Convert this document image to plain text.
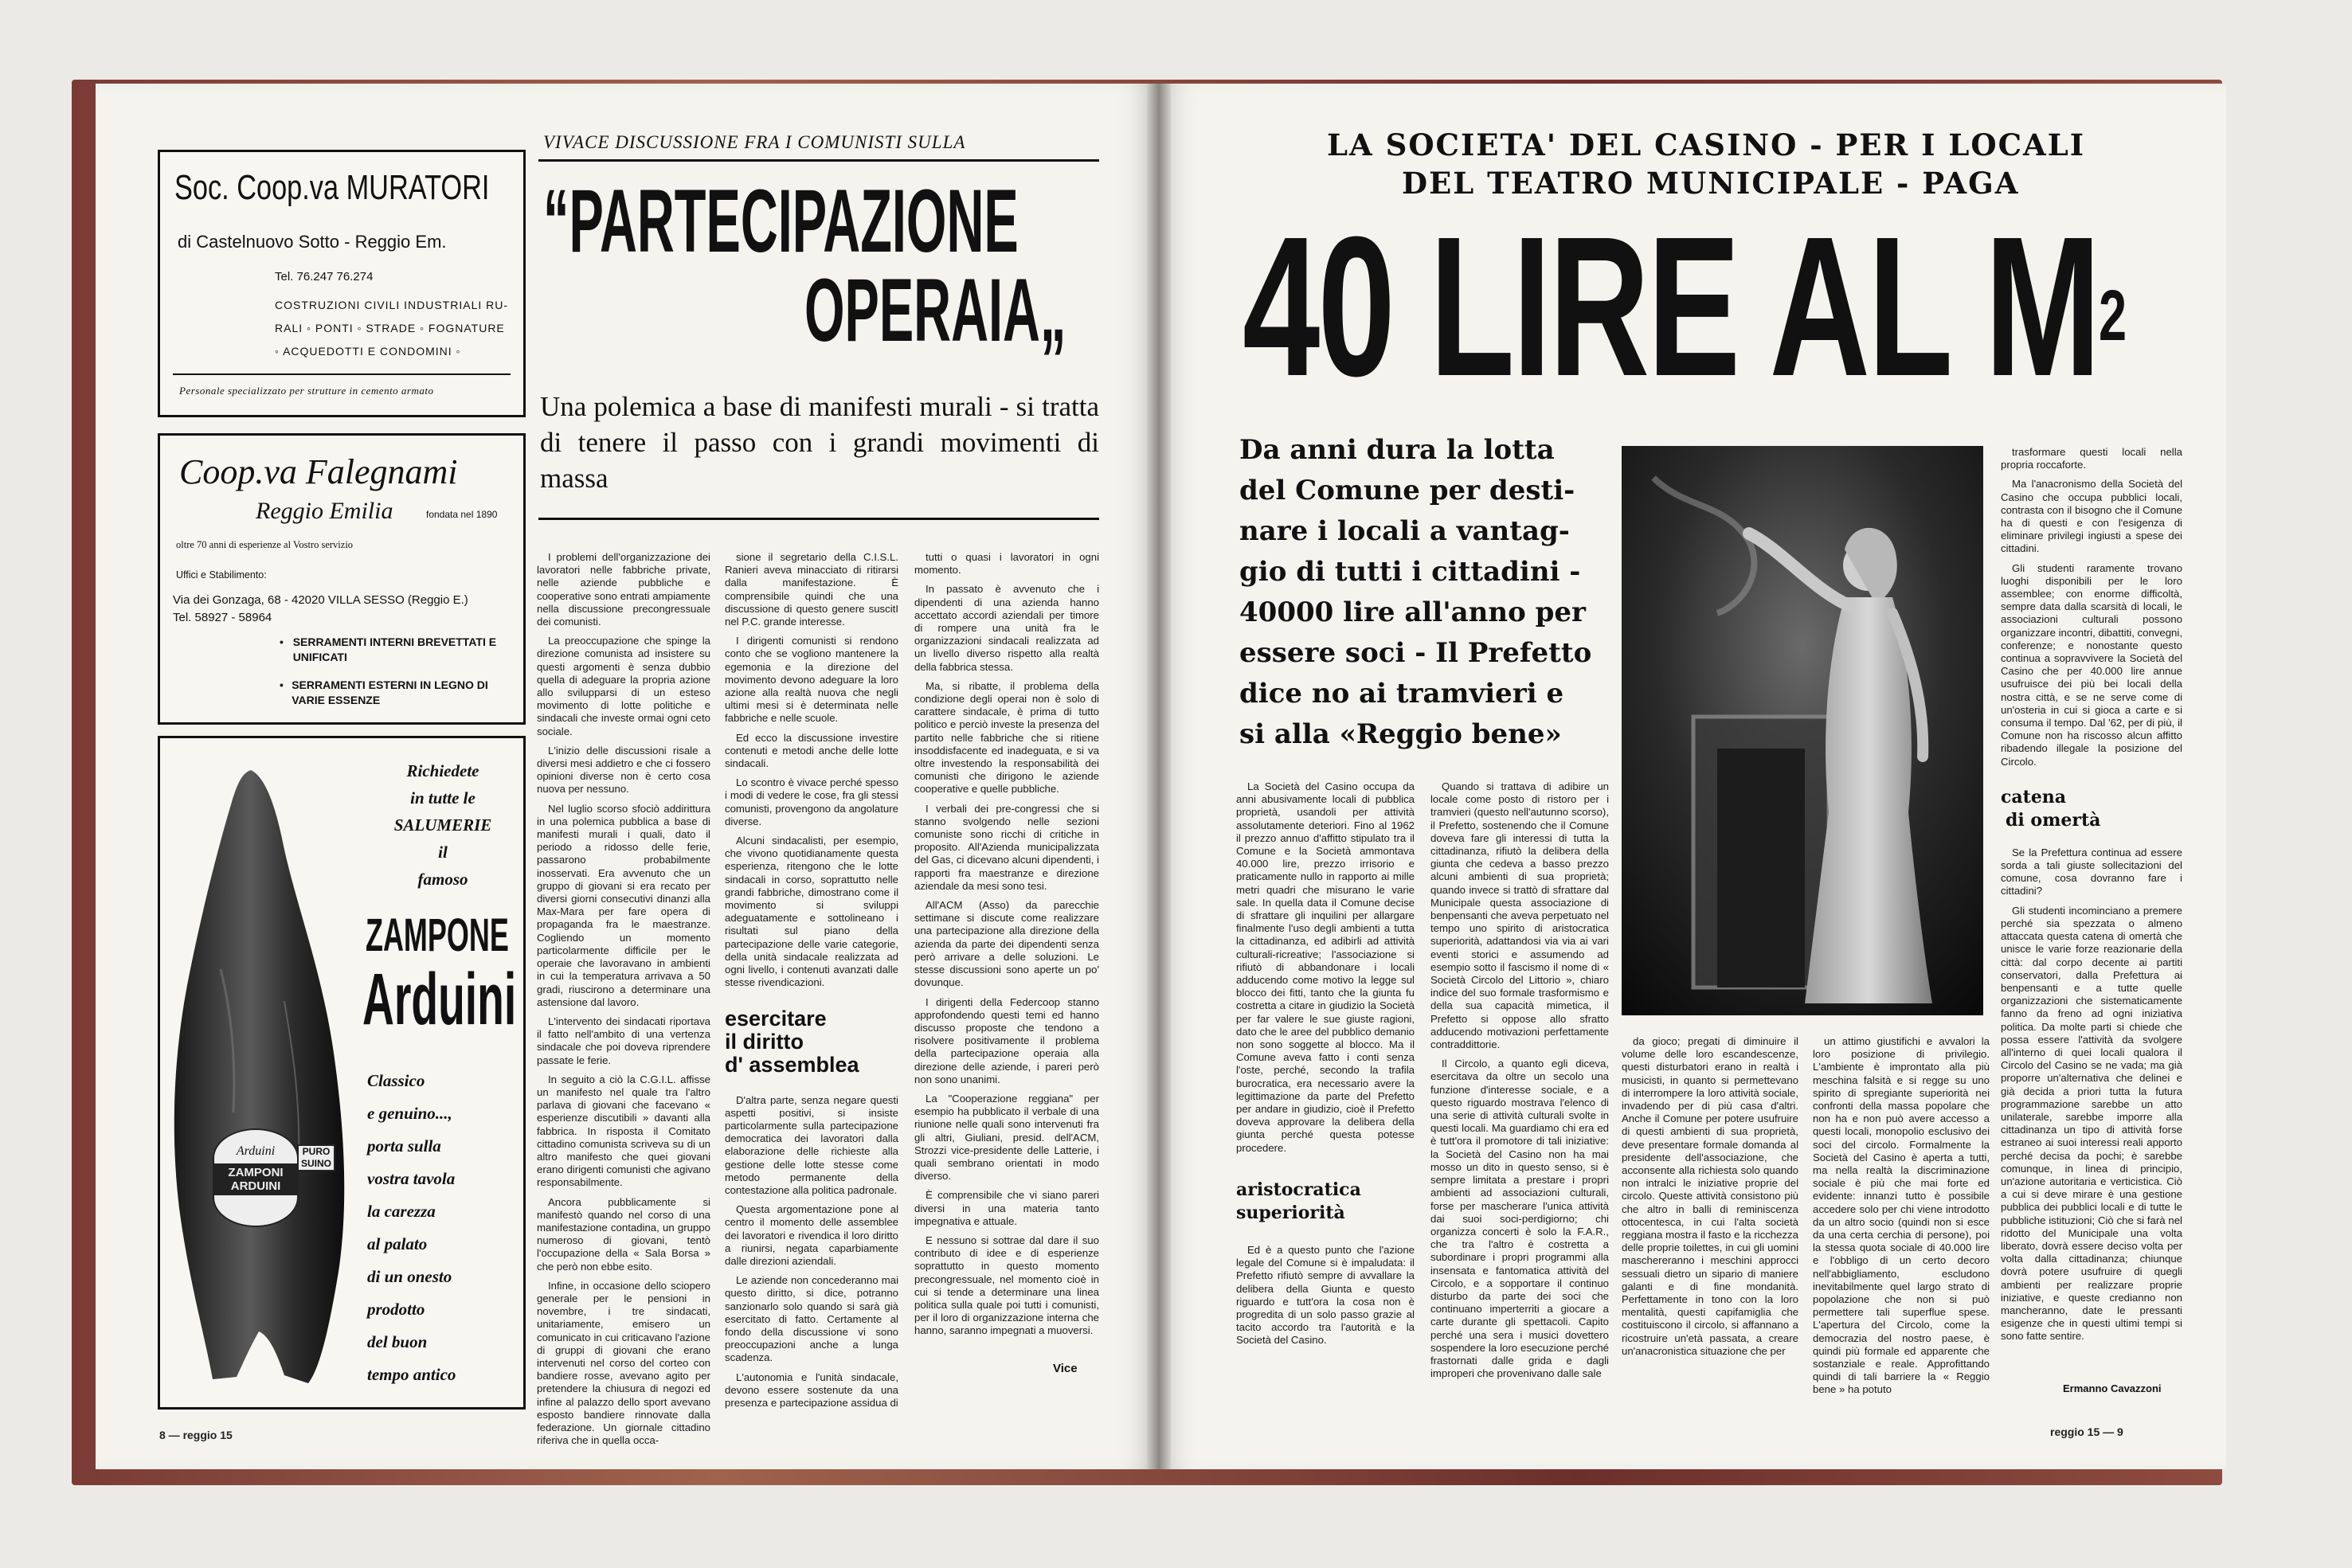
Soc. Coop.va MURATORI
di Castelnuovo Sotto - Reggio Em.
Tel. 76.247 76.274
COSTRUZIONI CIVILI INDUSTRIALI RU-
RALI ◦ PONTI ◦ STRADE ◦ FOGNATURE
◦ ACQUEDOTTI E CONDOMINI ◦
Personale specializzato per strutture in cemento armato
Coop.va Falegnami
Reggio Emilia	fondata nel 1890
oltre 70 anni di esperienze al Vostro servizio
Uffici e Stabilimento:
Via dei Gonzaga, 68 - 42020 VILLA SESSO (Reggio E.)
Tel. 58927 - 58964
• SERRAMENTI INTERNI BREVETTATI E UNIFICATI
• SERRAMENTI ESTERNI IN LEGNO DI VARIE ESSENZE
Arduini
ZAMPONI ARDUINI
PURO SUINO
Richiedete
in tutte le
SALUMERIE
il
famoso
ZAMPONE
Arduini
Classico
e genuino...,
porta sulla
vostra tavola
la carezza
al palato
di un onesto
prodotto
del buon
tempo antico
VIVACE DISCUSSIONE FRA I COMUNISTI SULLA
“PARTECIPAZIONE
OPERAIA„
Una polemica a base di manifesti murali - si tratta di tenere il passo con i grandi movimenti di massa

I problemi dell'organizzazione dei lavoratori nelle fabbriche private, nelle aziende pubbliche e cooperative sono entrati ampiamente nella discussione precongressuale dei comunisti.

La preoccupazione che spinge la direzione comunista ad insistere su questi argomenti è senza dubbio quella di adeguare la propria azione allo svilupparsi di un esteso movimento di lotte politiche e sindacali che investe ormai ogni ceto sociale.

L'inizio delle discussioni risale a diversi mesi addietro e che ci fossero opinioni diverse non è certo cosa nuova per nessuno.

Nel luglio scorso sfociò addirittura in una polemica pubblica a base di manifesti murali i quali, dato il periodo a ridosso delle ferie, passarono probabilmente inosservati. Era avvenuto che un gruppo di giovani si era recato per diversi giorni consecutivi dinanzi alla Max-Mara per fare opera di propaganda fra le maestranze. Cogliendo un momento particolarmente difficile per le operaie che lavoravano in ambienti in cui la temperatura arrivava a 50 gradi, riuscirono a determinare una astensione dal lavoro.

L'intervento dei sindacati riportava il fatto nell'ambito di una vertenza sindacale che poi doveva riprendere passate le ferie.

In seguito a ciò la C.G.I.L. affisse un manifesto nel quale tra l'altro parlava di giovani che facevano « esperienze discutibili » davanti alla fabbrica. In risposta il Comitato cittadino comunista scriveva su di un altro manifesto che quei giovani erano dirigenti comunisti che agivano responsabilmente.

Ancora pubblicamente si manifestò quando nel corso di una manifestazione contadina, un gruppo numeroso di giovani, tentò l'occupazione della « Sala Borsa » che però non ebbe esito.

Infine, in occasione dello sciopero generale per le pensioni in novembre, i tre sindacati, unitariamente, emisero un comunicato in cui criticavano l'azione di gruppi di giovani che erano intervenuti nel corso del corteo con bandiere rosse, avevano agito per pretendere la chiusura di negozi ed infine al palazzo dello sport avevano esposto bandiere rinnovate dalla federazione. Un giornale cittadino riferiva che in quella occa-

sione il segretario della C.I.S.L. Ranieri aveva minacciato di ritirarsi dalla manifestazione. È comprensibile quindi che una discussione di questo genere suscitI nel P.C. grande interesse.

I dirigenti comunisti si rendono conto che se vogliono mantenere la egemonia e la direzione del movimento devono adeguare la loro azione alla realtà nuova che negli ultimi mesi si è determinata nelle fabbriche e nelle scuole.

Ed ecco la discussione investire contenuti e metodi anche delle lotte sindacali.

Lo scontro è vivace perché spesso i modi di vedere le cose, fra gli stessi comunisti, provengono da angolature diverse.

Alcuni sindacalisti, per esempio, che vivono quotidianamente questa esperienza, ritengono che le lotte sindacali in corso, soprattutto nelle grandi fabbriche, dimostrano come il movimento si sviluppi adeguatamente e sottolineano i risultati sul piano della partecipazione delle varie categorie, della unità sindacale realizzata ad ogni livello, i contenuti avanzati dalle stesse rivendicazioni.

esercitare
il diritto
d' assemblea

D'altra parte, senza negare questi aspetti positivi, si insiste particolarmente sulla partecipazione democratica dei lavoratori dalla elaborazione delle richieste alla gestione delle lotte stesse come metodo permanente della contestazione alla politica padronale.

Questa argomentazione pone al centro il momento delle assemblee dei lavoratori e rivendica il loro diritto a riunirsi, negata caparbiamente dalle direzioni aziendali.

Le aziende non concederanno mai questo diritto, si dice, potranno sanzionarlo solo quando si sarà già esercitato di fatto. Certamente al fondo della discussione vi sono preoccupazioni anche a lunga scadenza.

L'autonomia e l'unità sindacale, devono essere sostenute da una presenza e partecipazione assidua di

tutti o quasi i lavoratori in ogni momento.

In passato è avvenuto che i dipendenti di una azienda hanno accettato accordi aziendali per timore di rompere una unità fra le organizzazioni sindacali realizzata ad un livello diverso rispetto alla realtà della fabbrica stessa.

Ma, si ribatte, il problema della condizione degli operai non è solo di carattere sindacale, è prima di tutto politico e perciò investe la presenza del partito nelle fabbriche che si ritiene insoddisfacente ed inadeguata, e si va oltre investendo la responsabilità dei comunisti che dirigono le aziende cooperative e quelle pubbliche.

I verbali dei pre-congressi che si stanno svolgendo nelle sezioni comuniste sono ricchi di critiche in proposito. All'Azienda municipalizzata del Gas, ci dicevano alcuni dipendenti, i rapporti fra maestranze e direzione aziendale da mesi sono tesi.

All'ACM (Asso) da parecchie settimane si discute come realizzare una partecipazione alla direzione della azienda da parte dei dipendenti senza però arrivare a delle soluzioni. Le stesse discussioni sono aperte un po' dovunque.

I dirigenti della Federcoop stanno approfondendo questi temi ed hanno discusso proposte che tendono a risolvere positivamente il problema della partecipazione operaia alla direzione delle aziende, i pareri però non sono unanimi.

La "Cooperazione reggiana" per esempio ha pubblicato il verbale di una riunione nelle quali sono intervenuti fra gli altri, Giuliani, presid. dell'ACM, Strozzi vice-presidente delle Latterie, i quali sembrano orientati in modo diverso.

È comprensibile che vi siano pareri diversi in una materia tanto impegnativa e attuale.

E nessuno si sottrae dal dare il suo contributo di idee e di esperienze soprattutto in questo momento precongressuale, nel momento cioè in cui si tende a determinare una linea politica sulla quale poi tutti i comunisti, per il loro di organizzazione interna che hanno, saranno impegnati a muoversi.

Vice
8 — reggio 15
LA SOCIETA' DEL CASINO - PER I LOCALI
DEL TEATRO MUNICIPALE - PAGA
40 LIRE AL $M^2$
Da anni dura la lotta
del Comune per desti-
nare i locali a vantag-
gio di tutti i cittadini -
40000 lire all'anno per
essere soci - Il Prefetto
dice no ai tramvieri e
si alla «Reggio bene»

La Società del Casino occupa da anni abusivamente locali di pubblica proprietà, usandoli per attività assolutamente deteriori. Fino al 1962 il prezzo annuo d'affitto stipulato tra il Comune e la Società ammontava 40.000 lire, prezzo irrisorio e praticamente nullo in rapporto ai mille metri quadri che misurano le varie sale. In quella data il Comune decise di sfrattare gli inquilini per allargare finalmente l'uso degli ambienti a tutta la cittadinanza, ed adibirli ad attività culturali-ricreative; l'associazione si rifiutò di abbandonare i locali adducendo come motivo la legge sul blocco dei fitti, tanto che la giunta fu costretta a citare in giudizio la Società per far valere le sue giuste ragioni, dato che le aree del pubblico demanio non sono soggette al blocco. Ma il Comune aveva fatto i conti senza l'oste, perché, secondo la trafila burocratica, era necessario avere la legittimazione da parte del Prefetto per andare in giudizio, cioè il Prefetto doveva approvare la delibera della giunta perché questa potesse procedere.

aristocratica
superiorità

Ed è a questo punto che l'azione legale del Comune si è impaludata: il Prefetto rifiutò sempre di avvallare la delibera della Giunta e questo riguardo e tutt'ora la cosa non è progredita di un solo passo grazie al tacito accordo tra l'autorità e la Società del Casino.

Quando si trattava di adibire un locale come posto di ristoro per i tramvieri (questo nell'autunno scorso), il Prefetto, sostenendo che il Comune doveva fare gli interessi di tutta la cittadinanza, rifiutò la delibera della giunta che cedeva a basso prezzo alcuni ambienti di sua proprietà; quando invece si trattò di sfrattare dal Municipale questa associazione di benpensanti che aveva perpetuato nel tempo uno spirito di aristocratica superiorità, adattandosi via via ai vari eventi storici e assumendo ad esempio sotto il fascismo il nome di « Società Circolo del Littorio », chiaro indice del suo formale trasformismo e della sua capacità mimetica, il Prefetto si oppose allo sfratto adducendo motivazioni perfettamente contraddittorie.

Il Circolo, a quanto egli diceva, esercitava da oltre un secolo una funzione d'interesse sociale, e a questo riguardo mostrava l'elenco di una serie di attività culturali svolte in questi locali. Ma guardiamo chi era ed è tutt'ora il promotore di tali iniziative: la Società del Casino non ha mai mosso un dito in questo senso, si è sempre limitata a prestare i propri ambienti ad associazioni culturali, forse per mascherare l'unica attività dai suoi soci-perdigiorno; chi organizza concerti è solo la F.A.R., che tra l'altro è costretta a subordinare i propri programmi alla insensata e fantomatica attività del Circolo, e a sopportare il continuo disturbo da parte dei soci che continuano imperterriti a giocare a carte durante gli spettacoli. Capito perché una sera i musici dovettero sospendere la loro esecuzione perché frastornati dalle grida e dagli improperi che provenivano dalle sale

da gioco; pregati di diminuire il volume delle loro escandescenze, questi disturbatori erano in realtà i musicisti, in quanto si permettevano di interrompere la loro attività sociale, invadendo per di più casa d'altri. Anche il Comune per potere usufruire di questi ambienti di sua proprietà, deve presentare formale domanda al presidente dell'associazione, che acconsente alla richiesta solo quando non intralci le iniziative proprie del circolo. Queste attività consistono più che altro in balli di reminiscenza ottocentesca, in cui l'alta società reggiana mostra il fasto e la ricchezza delle proprie toilettes, in cui gli uomini maschereranno i meschini approcci sessuali dietro un sipario di maniere galanti e di fine mondanità. Perfettamente in tono con la loro mentalità, questi capifamiglia che costituiscono il circolo, si affannano a ricostruire un'età passata, a creare un'anacronistica situazione che per

un attimo giustifichi e avvalori la loro posizione di privilegio. L'ambiente è improntato alla più meschina falsità e si regge su uno spirito di spregiante superiorità nei confronti della massa popolare che non ha e non può avere accesso a questi locali, monopolio esclusivo dei soci del circolo. Formalmente la Società del Casino è aperta a tutti, ma nella realtà la discriminazione sociale è più che mai forte ed evidente: innanzi tutto è possibile accedere solo per chi viene introdotto da un altro socio (quindi non si esce da una certa cerchia di persone), poi la stessa quota sociale di 40.000 lire e l'obbligo di un certo decoro nell'abbigliamento, escludono inevitabilmente quel largo strato di popolazione che non si può permettere tali superflue spese. L'apertura del Circolo, come la democrazia del nostro paese, è quindi più formale ed apparente che sostanziale e reale. Approfittando quindi di tali barriere la « Reggio bene » ha potuto

trasformare questi locali nella propria roccaforte.

Ma l'anacronismo della Società del Casino che occupa pubblici locali, contrasta con il bisogno che il Comune ha di questi e con l'esigenza di eliminare privilegi ingiusti a spese dei cittadini.

Gli studenti raramente trovano luoghi disponibili per le loro assemblee; con enorme difficoltà, sempre data dalla scarsità di locali, le associazioni culturali possono organizzare incontri, dibattiti, convegni, conferenze; e nonostante questo continua a sopravvivere la Società del Casino che per 40.000 lire annue usufruisce dei più bei locali della nostra città, e se ne serve come di un'osteria in cui si gioca a carte e si consuma il tempo. Dal '62, per di più, il Comune non ha riscosso alcun affitto ribadendo illegale la posizione del Circolo.

catena
di omertà

Se la Prefettura continua ad essere sorda a tali giuste sollecitazioni del comune, cosa dovranno fare i cittadini?

Gli studenti incominciano a premere perché sia spezzata o almeno attaccata questa catena di omertà che unisce le varie forze reazionarie della città: dal corpo decente ai partiti conservatori, dalla Prefettura ai benpensanti e a tutte quelle organizzazioni che sistematicamente fanno da freno ad ogni iniziativa politica. Da molte parti si chiede che possa essere l'attività da svolgere all'interno di quei locali qualora il Circolo del Casino se ne vada; ma già proporre un'alternativa che delinei e già decida a priori tutta la futura programmazione sarebbe un atto unilaterale, sarebbe imporre alla cittadinanza un tipo di attività forse estraneo ai suoi interessi reali apporto perché decisa da pochi; è sarebbe comunque, in linea di principio, un'azione autoritaria e verticistica. Ciò a cui si deve mirare è una gestione pubblica dei pubblici locali e di tutte le pubbliche istituzioni; Ciò che si farà nel ridotto del Municipale una volta liberato, dovrà essere deciso volta per volta dalla cittadinanza; chiunque dovrà potere usufruire di quegli ambienti per realizzare proprie iniziative, e queste credianno non mancheranno, date le pressanti esigenze che in questi ultimi tempi si sono fatte sentire.

Ermanno Cavazzoni
reggio 15 — 9
